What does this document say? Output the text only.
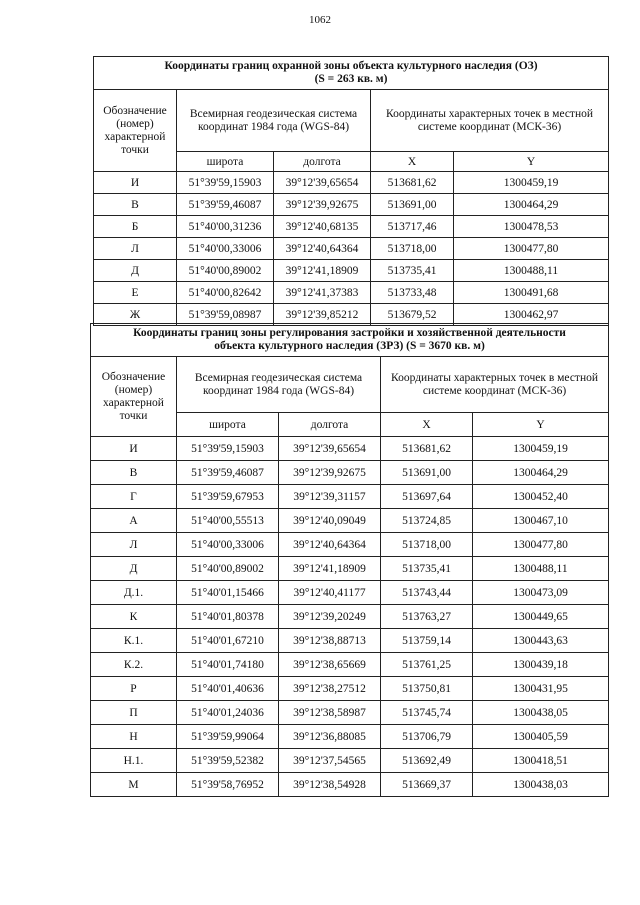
1062
Координаты границ охранной зоны объекта культурного наследия (ОЗ)
(S = 263 кв. м)				

Обозначение (номер) характерной точки	Всемирная геодезическая система координат 1984 года (WGS-84)		Координаты характерных точек в местной системе координат (МСК-36)	
	широта	долгота	X	Y
И	51°39'59,15903	39°12'39,65654	513681,62	1300459,19
В	51°39'59,46087	39°12'39,92675	513691,00	1300464,29
Б	51°40'00,31236	39°12'40,68135	513717,46	1300478,53
Л	51°40'00,33006	39°12'40,64364	513718,00	1300477,80
Д	51°40'00,89002	39°12'41,18909	513735,41	1300488,11
Е	51°40'00,82642	39°12'41,37383	513733,48	1300491,68
Ж	51°39'59,08987	39°12'39,85212	513679,52	1300462,97
Координаты границ зоны регулирования застройки и хозяйственной деятельности
объекта культурного наследия (ЗРЗ) (S = 3670 кв. м)				

Обозначение (номер) характерной точки	Всемирная геодезическая система координат 1984 года (WGS-84)		Координаты характерных точек в местной системе координат (МСК-36)	
	широта	долгота	X	Y
И	51°39'59,15903	39°12'39,65654	513681,62	1300459,19
В	51°39'59,46087	39°12'39,92675	513691,00	1300464,29
Г	51°39'59,67953	39°12'39,31157	513697,64	1300452,40
А	51°40'00,55513	39°12'40,09049	513724,85	1300467,10
Л	51°40'00,33006	39°12'40,64364	513718,00	1300477,80
Д	51°40'00,89002	39°12'41,18909	513735,41	1300488,11
Д.1.	51°40'01,15466	39°12'40,41177	513743,44	1300473,09
К	51°40'01,80378	39°12'39,20249	513763,27	1300449,65
К.1.	51°40'01,67210	39°12'38,88713	513759,14	1300443,63
К.2.	51°40'01,74180	39°12'38,65669	513761,25	1300439,18
Р	51°40'01,40636	39°12'38,27512	513750,81	1300431,95
П	51°40'01,24036	39°12'38,58987	513745,74	1300438,05
Н	51°39'59,99064	39°12'36,88085	513706,79	1300405,59
Н.1.	51°39'59,52382	39°12'37,54565	513692,49	1300418,51
М	51°39'58,76952	39°12'38,54928	513669,37	1300438,03
